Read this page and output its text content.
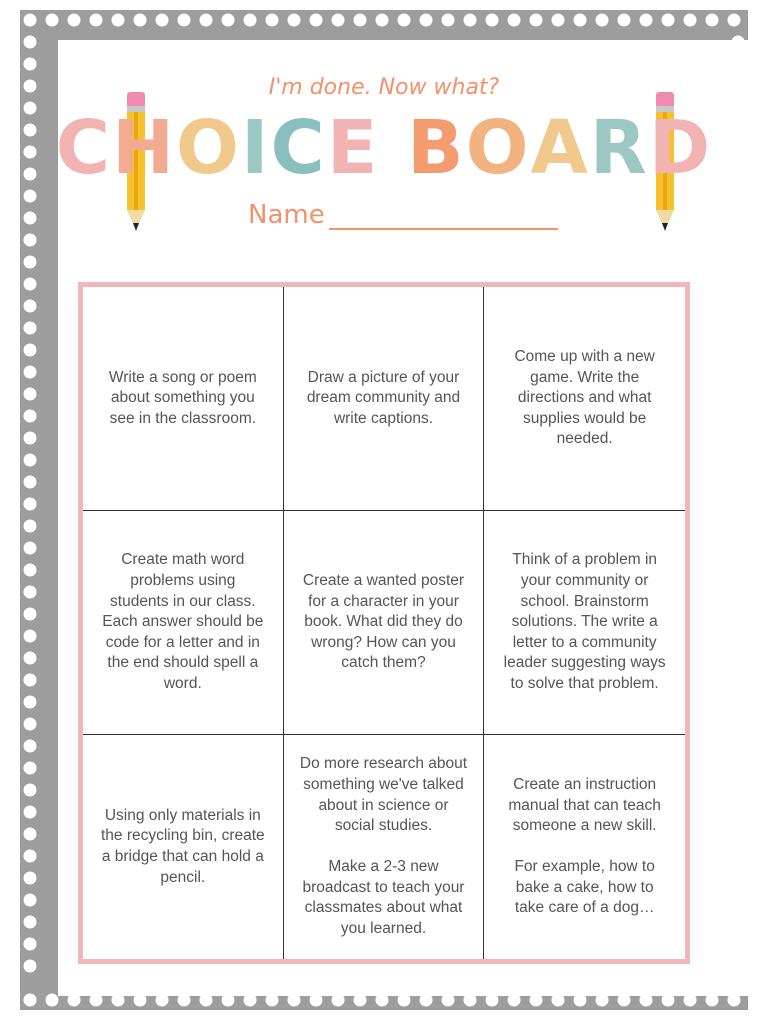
I'm done. Now what?
CHOICE BOARD
Name
Write a song or poem
about something you
see in the classroom.
Draw a picture of your
dream community and
write captions.
Come up with a new
game. Write the
directions and what
supplies would be
needed.
Create math word
problems using
students in our class.
Each answer should be
code for a letter and in
the end should spell a
word.
Create a wanted poster
for a character in your
book. What did they do
wrong? How can you
catch them?
Think of a problem in
your community or
school. Brainstorm
solutions. The write a
letter to a community
leader suggesting ways
to solve that problem.
Using only materials in
the recycling bin, create
a bridge that can hold a
pencil.
Do more research about
something we've talked
about in science or
social studies.

Make a 2-3 new
broadcast to teach your
classmates about what
you learned.
Create an instruction
manual that can teach
someone a new skill.

For example, how to
bake a cake, how to
take care of a dog…
